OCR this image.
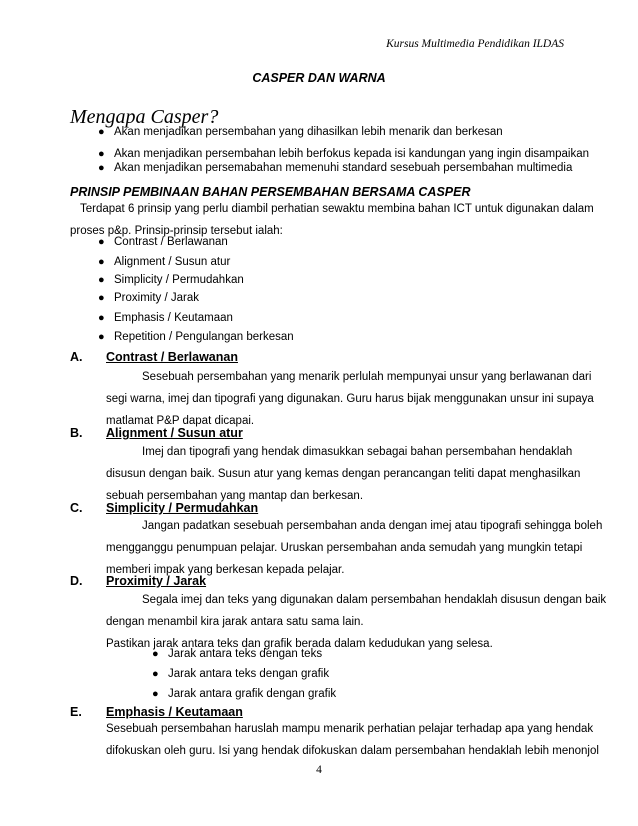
Kursus Multimedia Pendidikan ILDAS
CASPER DAN WARNA
Mengapa Casper?
● Akan menjadikan persembahan yang dihasilkan lebih menarik dan berkesan
● Akan menjadikan persembahan lebih berfokus kepada isi kandungan yang ingin disampaikan
● Akan menjadikan persemabahan memenuhi standard sesebuah persembahan multimedia
PRINSIP PEMBINAAN BAHAN PERSEMBAHAN BERSAMA CASPER
Terdapat 6 prinsip yang perlu diambil perhatian sewaktu membina bahan ICT untuk digunakan dalam
proses p&p. Prinsip-prinsip tersebut ialah:
● Contrast / Berlawanan
● Alignment / Susun atur
● Simplicity / Permudahkan
● Proximity / Jarak
● Emphasis / Keutamaan
● Repetition / Pengulangan berkesan
A. Contrast / Berlawanan
Sesebuah persembahan yang menarik perlulah mempunyai unsur yang berlawanan dari
segi warna, imej dan tipografi yang digunakan. Guru harus bijak menggunakan unsur ini supaya
matlamat P&P dapat dicapai.
B. Alignment / Susun atur
Imej dan tipografi yang hendak dimasukkan sebagai bahan persembahan hendaklah
disusun dengan baik. Susun atur yang kemas dengan perancangan teliti dapat menghasilkan
sebuah persembahan yang mantap dan berkesan.
C. Simplicity / Permudahkan
Jangan padatkan sesebuah persembahan anda dengan imej atau tipografi sehingga boleh
mengganggu penumpuan pelajar. Uruskan persembahan anda semudah yang mungkin tetapi
memberi impak yang berkesan kepada pelajar.
D. Proximity / Jarak
Segala imej dan teks yang digunakan dalam persembahan hendaklah disusun dengan baik
dengan menambil kira jarak antara satu sama lain.
Pastikan jarak antara teks dan grafik berada dalam kedudukan yang selesa.
● Jarak antara teks dengan teks
● Jarak antara teks dengan grafik
● Jarak antara grafik dengan grafik
E. Emphasis / Keutamaan
Sesebuah persembahan haruslah mampu menarik perhatian pelajar terhadap apa yang hendak
difokuskan oleh guru. Isi yang hendak difokuskan dalam persembahan hendaklah lebih menonjol
4
